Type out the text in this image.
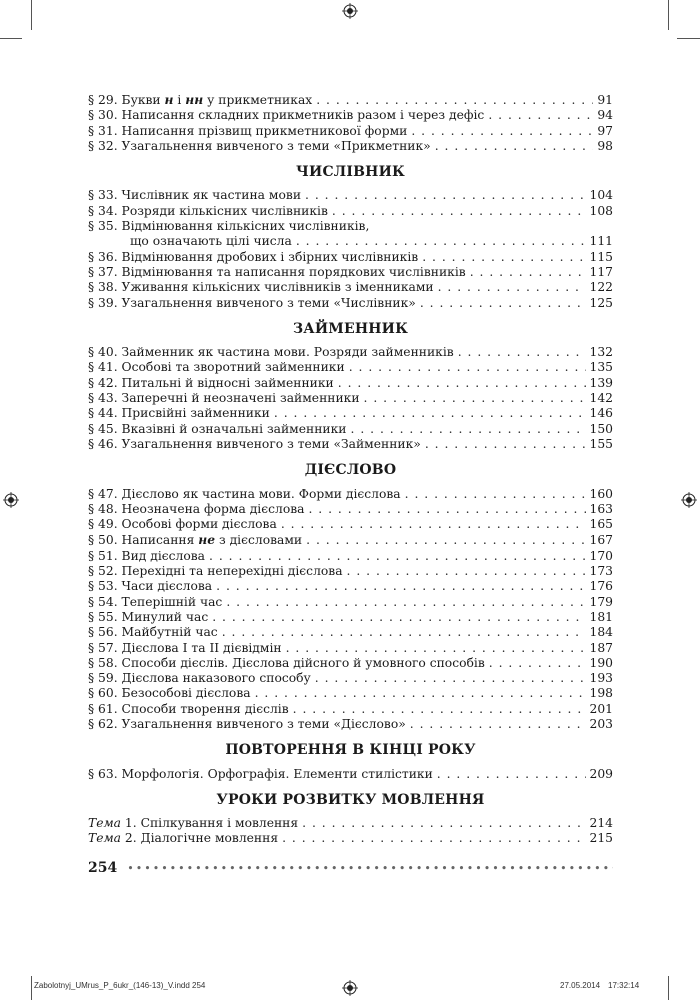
§ 29. Букви н і нн у прикметниках . . .	91
§ 30. Написання складних прикметників разом і через дефіс . . .	94
§ 31. Написання прізвищ прикметникової форми . . .	97
§ 32. Узагальнення вивченого з теми «Прикметник» . . .	98
ЧИСЛІВНИК
§ 33. Числівник як частина мови . . .	104
§ 34. Розряди кількісних числівників . . .	108
§ 35. Відмінювання кількісних числівників,
що означають цілі числа . . .	111
§ 36. Відмінювання дробових і збірних числівників . . .	115
§ 37. Відмінювання та написання порядкових числівників . . .	117
§ 38. Уживання кількісних числівників з іменниками . . .	122
§ 39. Узагальнення вивченого з теми «Числівник» . . .	125
ЗАЙМЕННИК
§ 40. Займенник як частина мови. Розряди займенників . . .	132
§ 41. Особові та зворотний займенники . . .	135
§ 42. Питальні й відносні займенники . . .	139
§ 43. Заперечні й неозначені займенники . . .	142
§ 44. Присвійні займенники . . .	146
§ 45. Вказівні й означальні займенники . . .	150
§ 46. Узагальнення вивченого з теми «Займенник» . . .	155
ДІЄСЛОВО
§ 47. Дієслово як частина мови. Форми дієслова . . .	160
§ 48. Неозначена форма дієслова . . .	163
§ 49. Особові форми дієслова . . .	165
§ 50. Написання не з дієсловами . . .	167
§ 51. Вид дієслова . . .	170
§ 52. Перехідні та неперехідні дієслова . . .	173
§ 53. Часи дієслова . . .	176
§ 54. Теперішній час . . .	179
§ 55. Минулий час . . .	181
§ 56. Майбутній час . . .	184
§ 57. Дієслова I та II дієвідмін . . .	187
§ 58. Способи дієслів. Дієслова дійсного й умовного способів . . .	190
§ 59. Дієслова наказового способу . . .	193
§ 60. Безособові дієслова . . .	198
§ 61. Способи творення дієслів . . .	201
§ 62. Узагальнення вивченого з теми «Дієслово» . . .	203
ПОВТОРЕННЯ В КІНЦІ РОКУ
§ 63. Морфологія. Орфографія. Елементи стилістики . . .	209
УРОКИ РОЗВИТКУ МОВЛЕННЯ
Тема 1. Спілкування і мовлення . . .	214
Тема 2. Діалогічне мовлення . . .	215
254
•••••
Zabolotnyj_UMrus_P_6ukr_(146-13)_V.indd 254	27.05.2014 17:32:14
